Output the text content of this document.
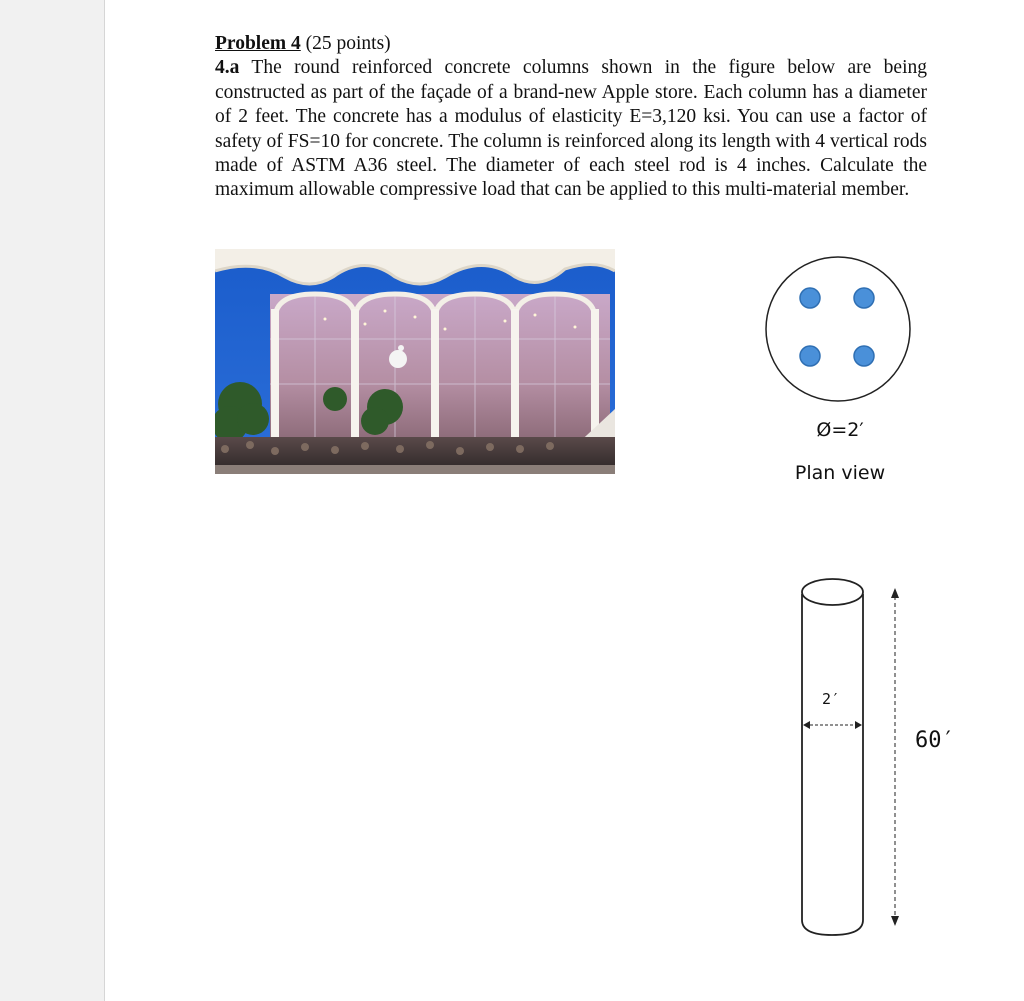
Problem 4 (25 points)

4.a The round reinforced concrete columns shown in the figure below are being constructed as part of the façade of a brand-new Apple store. Each column has a diameter of 2 feet. The concrete has a modulus of elasticity E=3,120 ksi. You can use a factor of safety of FS=10 for concrete. The column is reinforced along its length with 4 vertical rods made of ASTM A36 steel. The diameter of each steel rod is 4 inches. Calculate the maximum allowable compressive load that can be applied to this multi-material member.

Ø=2′
Plan view
2′
60′
